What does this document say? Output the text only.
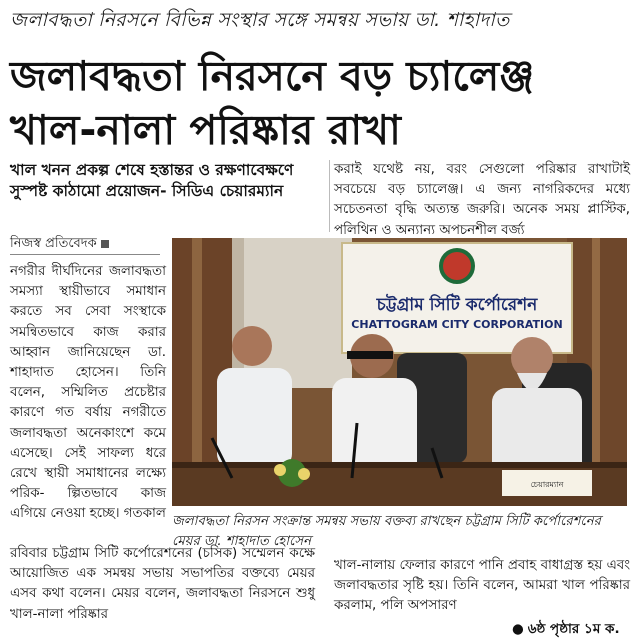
জলাবদ্ধতা নিরসনে বিভিন্ন সংস্থার সঙ্গে সমন্বয় সভায় ডা. শাহাদাত
জলাবদ্ধতা নিরসনে বড় চ্যালেঞ্জ
খাল-নালা পরিষ্কার রাখা
খাল খনন প্রকল্প শেষে হস্তান্তর ও রক্ষণাবেক্ষণে সুস্পষ্ট কাঠামো প্রয়োজন- সিডিএ চেয়ারম্যান
নিজস্ব প্রতিবেদক

নগরীর দীর্ঘদিনের জলাবদ্ধতা সমস্যা স্থায়ীভাবে সমাধান করতে সব সেবা সংস্থাকে সমন্বিতভাবে কাজ করার আহ্বান জানিয়েছেন ডা. শাহাদাত হোসেন। তিনি বলেন, সম্মিলিত প্রচেষ্টার কারণে গত বর্ষায় নগরীতে জলাবদ্ধতা অনেকাংশে কমে এসেছে। সেই সাফল্য ধরে রেখে স্থায়ী সমাধানের লক্ষ্যে পরিক- ল্পিতভাবে কাজ এগিয়ে নেওয়া হচ্ছে। গতকাল

রবিবার চট্টগ্রাম সিটি কর্পোরেশনের (চসিক) সম্মেলন কক্ষে আয়োজিত এক সমন্বয় সভায় সভাপতির বক্তব্যে মেয়র এসব কথা বলেন। মেয়র বলেন, জলাবদ্ধতা নিরসনে শুধু খাল-নালা পরিষ্কার

করাই যথেষ্ট নয়, বরং সেগুলো পরিষ্কার রাখাটাই সবচেয়ে বড় চ্যালেঞ্জ। এ জন্য নাগরিকদের মধ্যে সচেতনতা বৃদ্ধি অত্যন্ত জরুরি। অনেক সময় প্লাস্টিক, পলিথিন ও অন্যান্য অপচনশীল বর্জ্য

চট্টগ্রাম সিটি কর্পোরেশন
CHATTOGRAM CITY CORPORATION
চেয়ারম্যান
জলাবদ্ধতা নিরসন সংক্রান্ত সমন্বয় সভায় বক্তব্য রাখছেন চট্টগ্রাম সিটি কর্পোরেশনের মেয়র ডা. শাহাদাত হোসেন

খাল-নালায় ফেলার কারণে পানি প্রবাহ বাধাগ্রস্ত হয় এবং জলাবদ্ধতার সৃষ্টি হয়। তিনি বলেন, আমরা খাল পরিষ্কার করলাম, পলি অপসারণ

● ৬ষ্ঠ পৃষ্ঠার ১ম ক.
